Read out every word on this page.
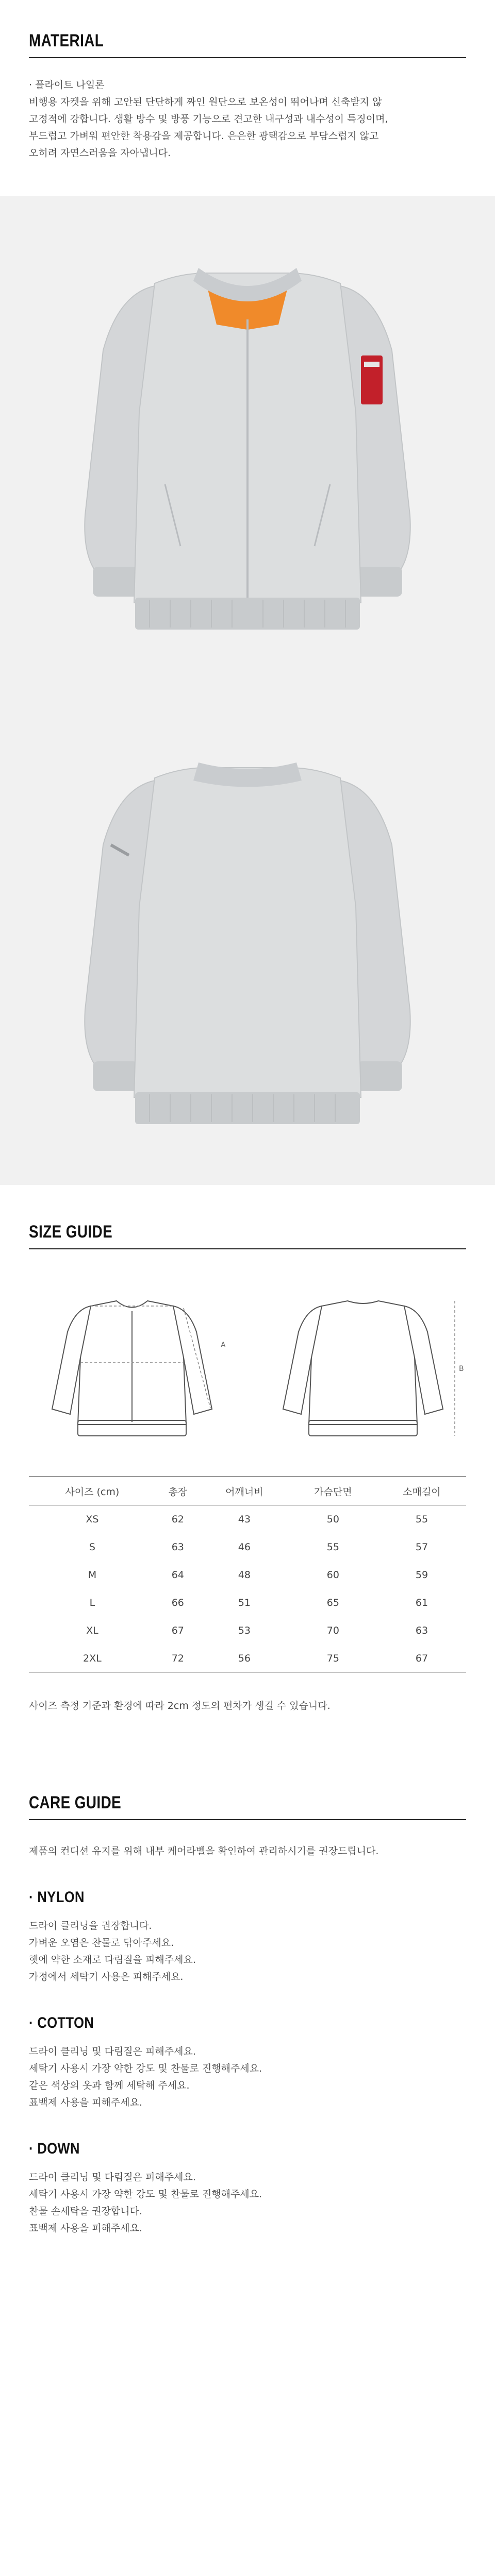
MATERIAL
· 플라이트 나일론
비행용 자켓을 위해 고안된 단단하게 짜인 원단으로 보온성이 뛰어나며 신축받지 않
고정적에 강합니다. 생활 방수 및 방풍 기능으로 견고한 내구성과 내수성이 특징이며,
부드럽고 가벼워 편안한 착용감을 제공합니다. 은은한 광택감으로 부담스럽지 않고
오히려 자연스러움을 자아냅니다.
SIZE GUIDE
A
B
사이즈 (cm)	총장	어깨너비	가슴단면	소매길이
XS	62	43	50	55
S	63	46	55	57
M	64	48	60	59
L	66	51	65	61
XL	67	53	70	63
2XL	72	56	75	67
사이즈 측정 기준과 환경에 따라 2cm 정도의 편차가 생길 수 있습니다.
CARE GUIDE
제품의 컨디션 유지를 위해 내부 케어라벨을 확인하여 관리하시기를 권장드립니다.
· NYLON
드라이 클리닝을 권장합니다.
가벼운 오염은 찬물로 닦아주세요.
햇에 약한 소재로 다림질을 피해주세요.
가정에서 세탁기 사용은 피해주세요.
· COTTON
드라이 클리닝 및 다림질은 피해주세요.
세탁기 사용시 가장 약한 강도 및 찬물로 진행해주세요.
같은 색상의 옷과 함께 세탁해 주세요.
표백제 사용을 피해주세요.
· DOWN
드라이 클리닝 및 다림질은 피해주세요.
세탁기 사용시 가장 약한 강도 및 찬물로 진행해주세요.
찬물 손세탁을 권장합니다.
표백제 사용을 피해주세요.
